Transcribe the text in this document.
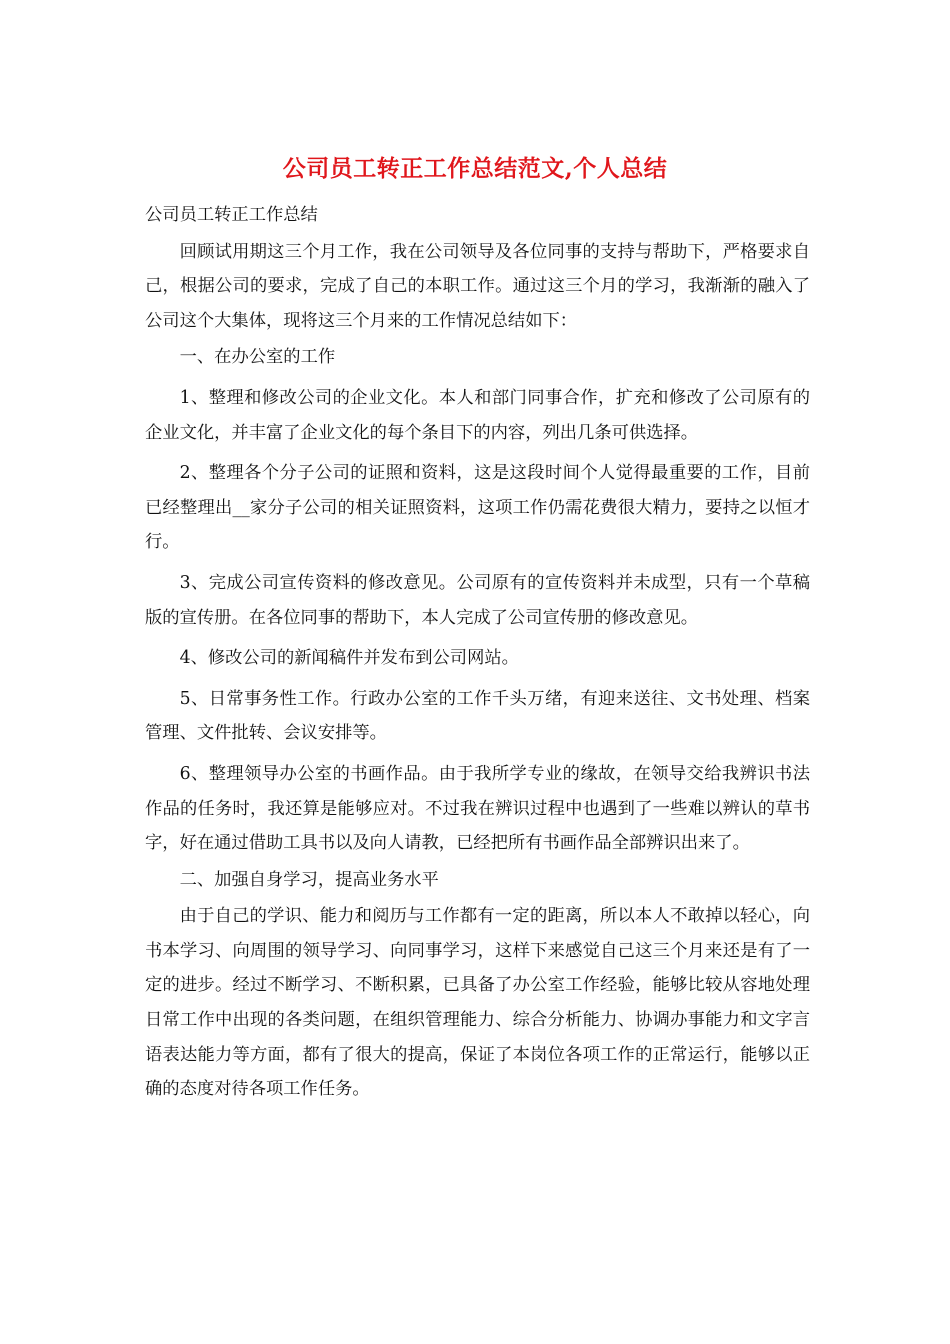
公司员工转正工作总结范文,个人总结

公司员工转正工作总结

回顾试用期这三个月工作，我在公司领导及各位同事的支持与帮助下，严格要求自己，根据公司的要求，完成了自己的本职工作。通过这三个月的学习，我渐渐的融入了公司这个大集体，现将这三个月来的工作情况总结如下：

一、在办公室的工作

1、整理和修改公司的企业文化。本人和部门同事合作，扩充和修改了公司原有的企业文化，并丰富了企业文化的每个条目下的内容，列出几条可供选择。

2、整理各个分子公司的证照和资料，这是这段时间个人觉得最重要的工作，目前已经整理出__家分子公司的相关证照资料，这项工作仍需花费很大精力，要持之以恒才行。

3、完成公司宣传资料的修改意见。公司原有的宣传资料并未成型，只有一个草稿版的宣传册。在各位同事的帮助下，本人完成了公司宣传册的修改意见。

4、修改公司的新闻稿件并发布到公司网站。

5、日常事务性工作。行政办公室的工作千头万绪，有迎来送往、文书处理、档案管理、文件批转、会议安排等。

6、整理领导办公室的书画作品。由于我所学专业的缘故，在领导交给我辨识书法作品的任务时，我还算是能够应对。不过我在辨识过程中也遇到了一些难以辨认的草书字，好在通过借助工具书以及向人请教，已经把所有书画作品全部辨识出来了。

二、加强自身学习，提高业务水平

由于自己的学识、能力和阅历与工作都有一定的距离，所以本人不敢掉以轻心，向书本学习、向周围的领导学习、向同事学习，这样下来感觉自己这三个月来还是有了一定的进步。经过不断学习、不断积累，已具备了办公室工作经验，能够比较从容地处理日常工作中出现的各类问题，在组织管理能力、综合分析能力、协调办事能力和文字言语表达能力等方面，都有了很大的提高，保证了本岗位各项工作的正常运行，能够以正确的态度对待各项工作任务。
